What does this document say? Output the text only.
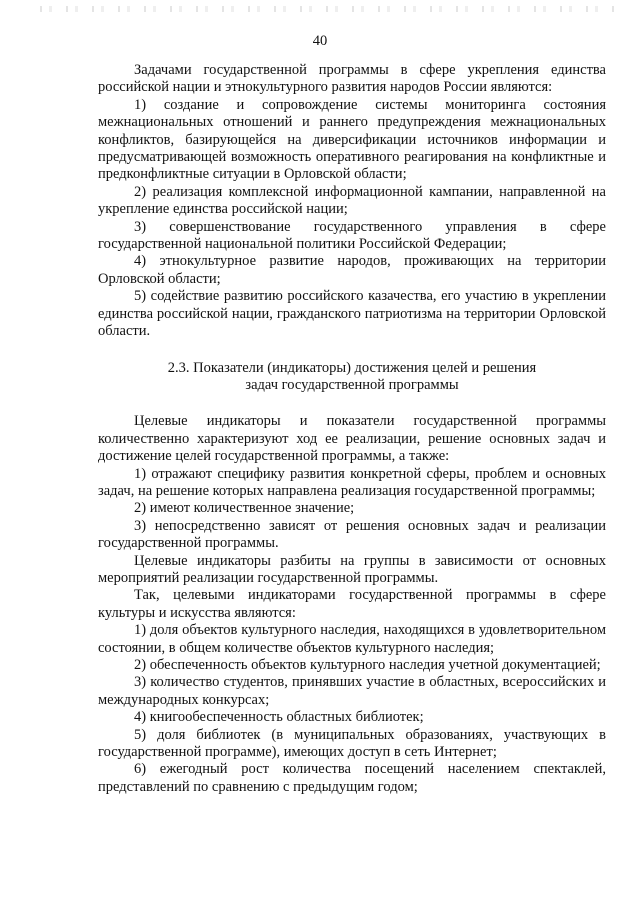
40

Задачами государственной программы в сфере укрепления единства российской нации и этнокультурного развития народов России являются:

1) создание и сопровождение системы мониторинга состояния межнациональных отношений и раннего предупреждения межнациональных конфликтов, базирующейся на диверсификации источников информации и предусматривающей возможность оперативного реагирования на конфликтные и предконфликтные ситуации в Орловской области;

2) реализация комплексной информационной кампании, направленной на укрепление единства российской нации;

3) совершенствование государственного управления в сфере государственной национальной политики Российской Федерации;

4) этнокультурное развитие народов, проживающих на территории Орловской области;

5) содействие развитию российского казачества, его участию в укреплении единства российской нации, гражданского патриотизма на территории Орловской области.

2.3. Показатели (индикаторы) достижения целей и решения
задач государственной программы

Целевые индикаторы и показатели государственной программы количественно характеризуют ход ее реализации, решение основных задач и достижение целей государственной программы, а также:

1) отражают специфику развития конкретной сферы, проблем и основных задач, на решение которых направлена реализация государственной программы;

2) имеют количественное значение;

3) непосредственно зависят от решения основных задач и реализации государственной программы.

Целевые индикаторы разбиты на группы в зависимости от основных мероприятий реализации государственной программы.

Так, целевыми индикаторами государственной программы в сфере культуры и искусства являются:

1) доля объектов культурного наследия, находящихся в удовлетворительном состоянии, в общем количестве объектов культурного наследия;

2) обеспеченность объектов культурного наследия учетной документацией;

3) количество студентов, принявших участие в областных, всероссийских и международных конкурсах;

4) книгообеспеченность областных библиотек;

5) доля библиотек (в муниципальных образованиях, участвующих в государственной программе), имеющих доступ в сеть Интернет;

6) ежегодный рост количества посещений населением спектаклей, представлений по сравнению с предыдущим годом;
